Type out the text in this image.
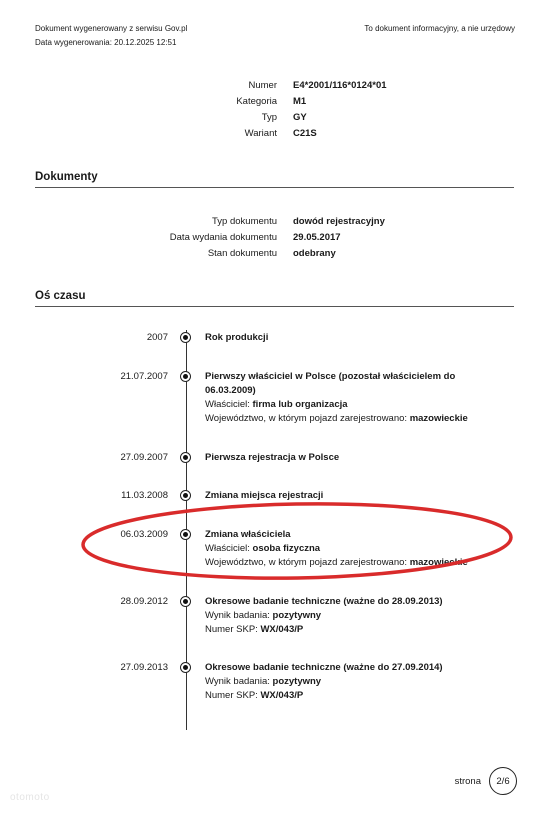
Dokument wygenerowany z serwisu Gov.pl
Data wygenerowania: 20.12.2025 12:51
To dokument informacyjny, a nie urzędowy
Numer E4*2001/116*0124*01
Kategoria M1
Typ GY
Wariant C21S
Dokumenty
Typ dokumentu dowód rejestracyjny
Data wydania dokumentu 29.05.2017
Stan dokumentu odebrany
Oś czasu
2007	Rok produkcji
21.07.2007	Pierwszy właściciel w Polsce (pozostał właścicielem do 06.03.2009)
Właściciel: firma lub organizacja
Województwo, w którym pojazd zarejestrowano: mazowieckie
27.09.2007	Pierwsza rejestracja w Polsce
11.03.2008	Zmiana miejsca rejestracji
06.03.2009	Zmiana właściciela
Właściciel: osoba fizyczna
Województwo, w którym pojazd zarejestrowano: mazowieckie
28.09.2012	Okresowe badanie techniczne (ważne do 28.09.2013)
Wynik badania: pozytywny
Numer SKP: WX/043/P
27.09.2013	Okresowe badanie techniczne (ważne do 27.09.2014)
Wynik badania: pozytywny
Numer SKP: WX/043/P
strona	2/6
otomoto
